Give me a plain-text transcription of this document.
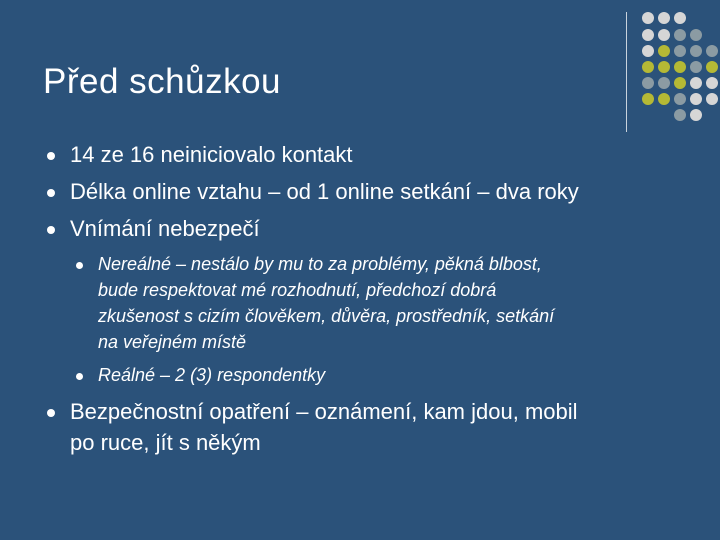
Před schůzkou
14 ze 16 neiniciovalo kontakt
Délka online vztahu – od 1 online setkání – dva roky
Vnímání nebezpečí
Nereálné – nestálo by mu to za problémy, pěkná blbost,
bude respektovat mé rozhodnutí, předchozí dobrá
zkušenost s cizím člověkem, důvěra, prostředník, setkání
na veřejném místě
Reálné – 2 (3) respondentky
Bezpečnostní opatření – oznámení, kam jdou, mobil
po ruce, jít s někým
